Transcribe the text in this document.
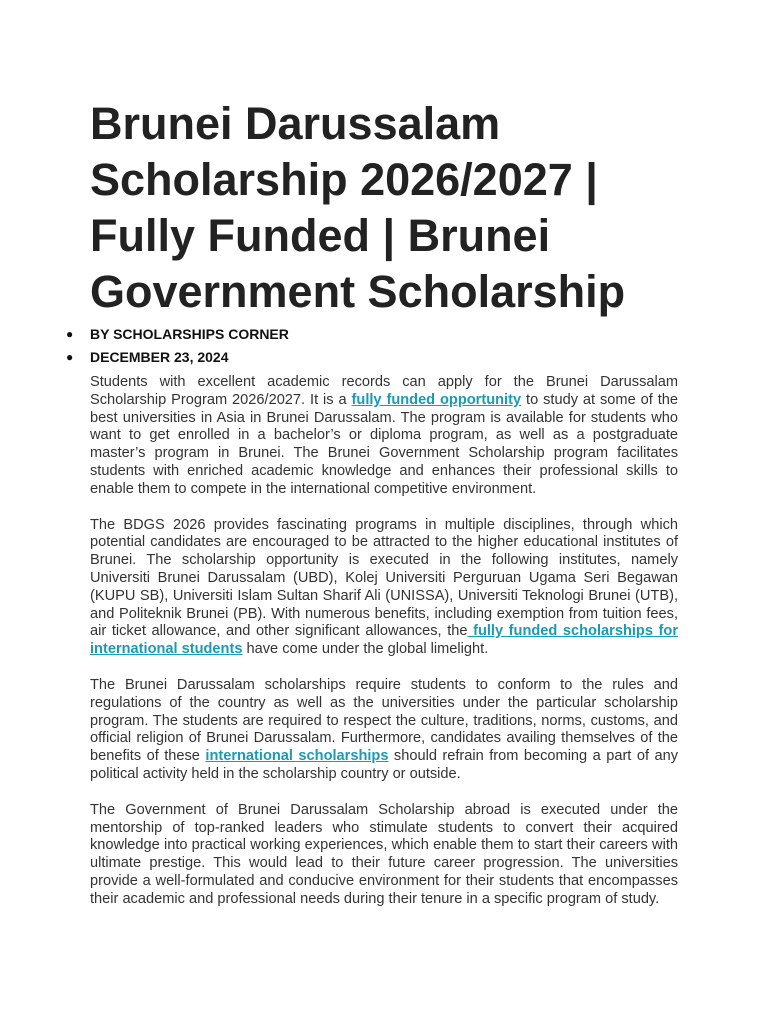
Brunei Darussalam Scholarship 2026/2027 | Fully Funded | Brunei Government Scholarship
● BY SCHOLARSHIPS CORNER
● DECEMBER 23, 2024

Students with excellent academic records can apply for the Brunei Darussalam Scholarship Program 2026/2027. It is a fully funded opportunity to study at some of the best universities in Asia in Brunei Darussalam. The program is available for students who want to get enrolled in a bachelor’s or diploma program, as well as a postgraduate master’s program in Brunei. The Brunei Government Scholarship program facilitates students with enriched academic knowledge and enhances their professional skills to enable them to compete in the international competitive environment.

The BDGS 2026 provides fascinating programs in multiple disciplines, through which potential candidates are encouraged to be attracted to the higher educational institutes of Brunei. The scholarship opportunity is executed in the following institutes, namely Universiti Brunei Darussalam (UBD), Kolej Universiti Perguruan Ugama Seri Begawan (KUPU SB), Universiti Islam Sultan Sharif Ali (UNISSA), Universiti Teknologi Brunei (UTB), and Politeknik Brunei (PB). With numerous benefits, including exemption from tuition fees, air ticket allowance, and other significant allowances, the fully funded scholarships for international students have come under the global limelight.

The Brunei Darussalam scholarships require students to conform to the rules and regulations of the country as well as the universities under the particular scholarship program. The students are required to respect the culture, traditions, norms, customs, and official religion of Brunei Darussalam. Furthermore, candidates availing themselves of the benefits of these international scholarships should refrain from becoming a part of any political activity held in the scholarship country or outside.

The Government of Brunei Darussalam Scholarship abroad is executed under the mentorship of top-ranked leaders who stimulate students to convert their acquired knowledge into practical working experiences, which enable them to start their careers with ultimate prestige. This would lead to their future career progression. The universities provide a well-formulated and conducive environment for their students that encompasses their academic and professional needs during their tenure in a specific program of study.
